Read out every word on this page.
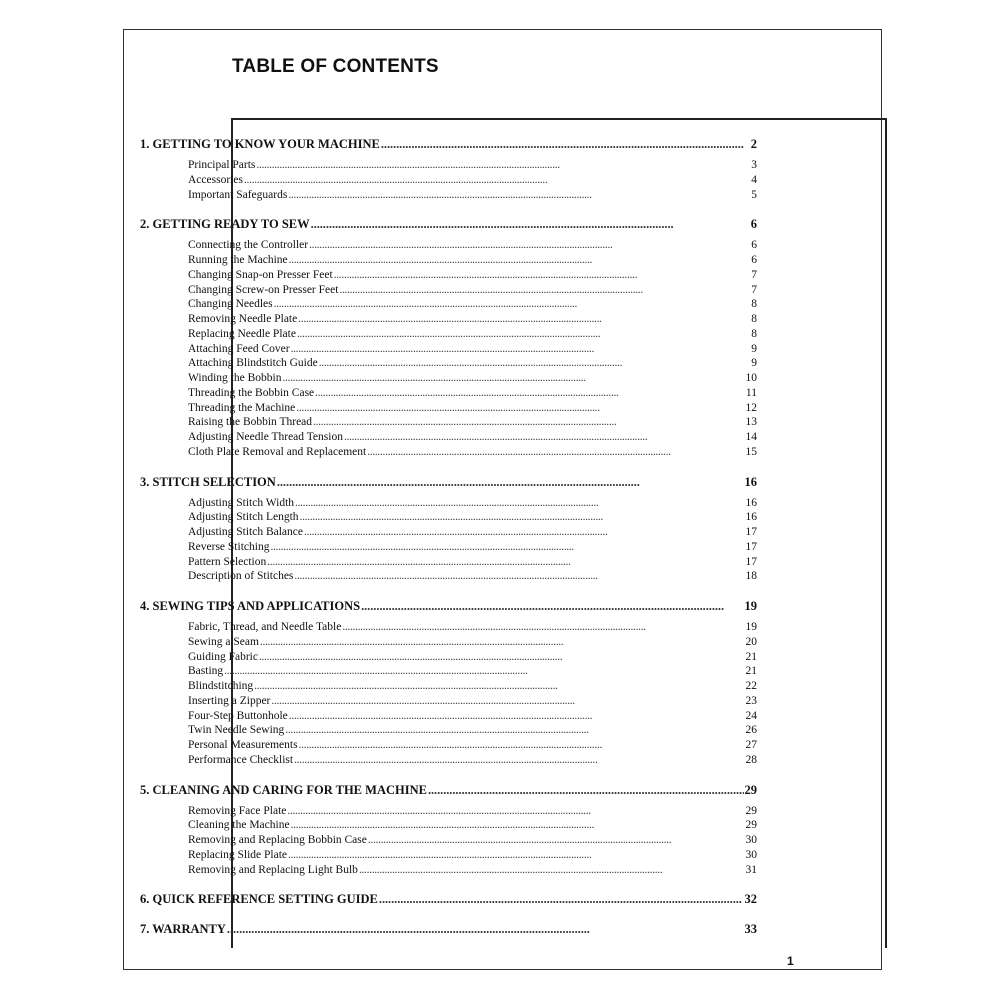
TABLE OF CONTENTS
1
1. GETTING TO KNOW YOUR MACHINE . . .	2
Principal Parts . . .	3
Accessories . . .	4
Important Safeguards . . .	5
2. GETTING READY TO SEW . . .	6
Connecting the Controller . . .	6
Running the Machine . . .	6
Changing Snap-on Presser Feet . . .	7
Changing Screw-on Presser Feet . . .	7
Changing Needles . . .	8
Removing Needle Plate . . .	8
Replacing Needle Plate . . .	8
Attaching Feed Cover . . .	9
Attaching Blindstitch Guide . . .	9
Winding the Bobbin . . .	10
Threading the Bobbin Case . . .	11
Threading the Machine . . .	12
Raising the Bobbin Thread . . .	13
Adjusting Needle Thread Tension . . .	14
Cloth Plate Removal and Replacement . . .	15
3. STITCH SELECTION . . .	16
Adjusting Stitch Width . . .	16
Adjusting Stitch Length . . .	16
Adjusting Stitch Balance . . .	17
Reverse Stitching . . .	17
Pattern Selection . . .	17
Description of Stitches . . .	18
4. SEWING TIPS AND APPLICATIONS . . .	19
Fabric, Thread, and Needle Table . . .	19
Sewing a Seam . . .	20
Guiding Fabric . . .	21
Basting . . .	21
Blindstitching . . .	22
Inserting a Zipper . . .	23
Four-Step Buttonhole . . .	24
Twin Needle Sewing . . .	26
Personal Measurements . . .	27
Performance Checklist . . .	28
5. CLEANING AND CARING FOR THE MACHINE . . .	29
Removing Face Plate . . .	29
Cleaning the Machine . . .	29
Removing and Replacing Bobbin Case . . .	30
Replacing Slide Plate . . .	30
Removing and Replacing Light Bulb . . .	31
6. QUICK REFERENCE SETTING GUIDE . . .	32
7. WARRANTY . . .	33
